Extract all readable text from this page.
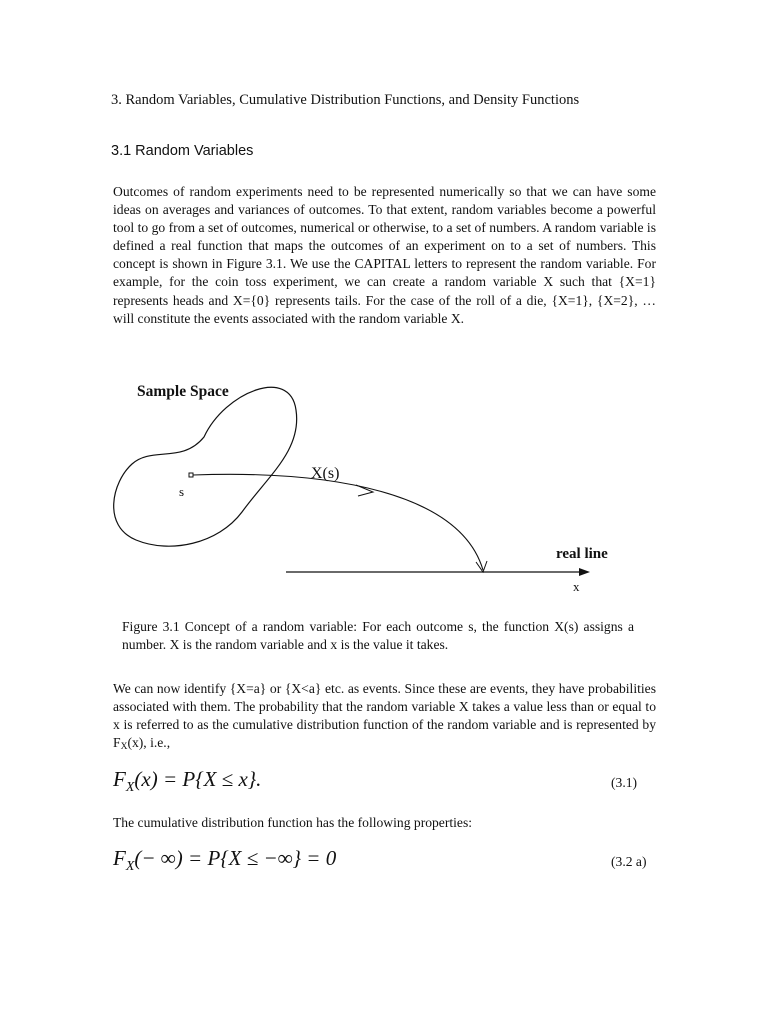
3. Random Variables, Cumulative Distribution Functions, and Density Functions
3.1 Random Variables
Outcomes of random experiments need to be represented numerically so that we can have some ideas on averages and variances of outcomes. To that extent, random variables become a powerful tool to go from a set of outcomes, numerical or otherwise, to a set of numbers. A random variable is defined a real function that maps the outcomes of an experiment on to a set of numbers. This concept is shown in Figure 3.1. We use the CAPITAL letters to represent the random variable. For example, for the coin toss experiment, we can create a random variable X such that {X=1} represents heads and X={0} represents tails. For the case of the roll of a die, {X=1}, {X=2}, … will constitute the events associated with the random variable X.
Sample Space
s
X(s)
real line
x
Figure 3.1 Concept of a random variable: For each outcome s, the function X(s) assigns a number. X is the random variable and x is the value it takes.
We can now identify {X=a} or {X<a} etc. as events. Since these are events, they have probabilities associated with them. The probability that the random variable X takes a value less than or equal to x is referred to as the cumulative distribution function of the random variable and is represented by $F_X(x)$, i.e.,
$F_X(x) = P\{X \le x\}$.	(3.1)
The cumulative distribution function has the following properties:
$F_X(-$ ∞) = P{X ≤ −∞} = 0	(3.2 a)
